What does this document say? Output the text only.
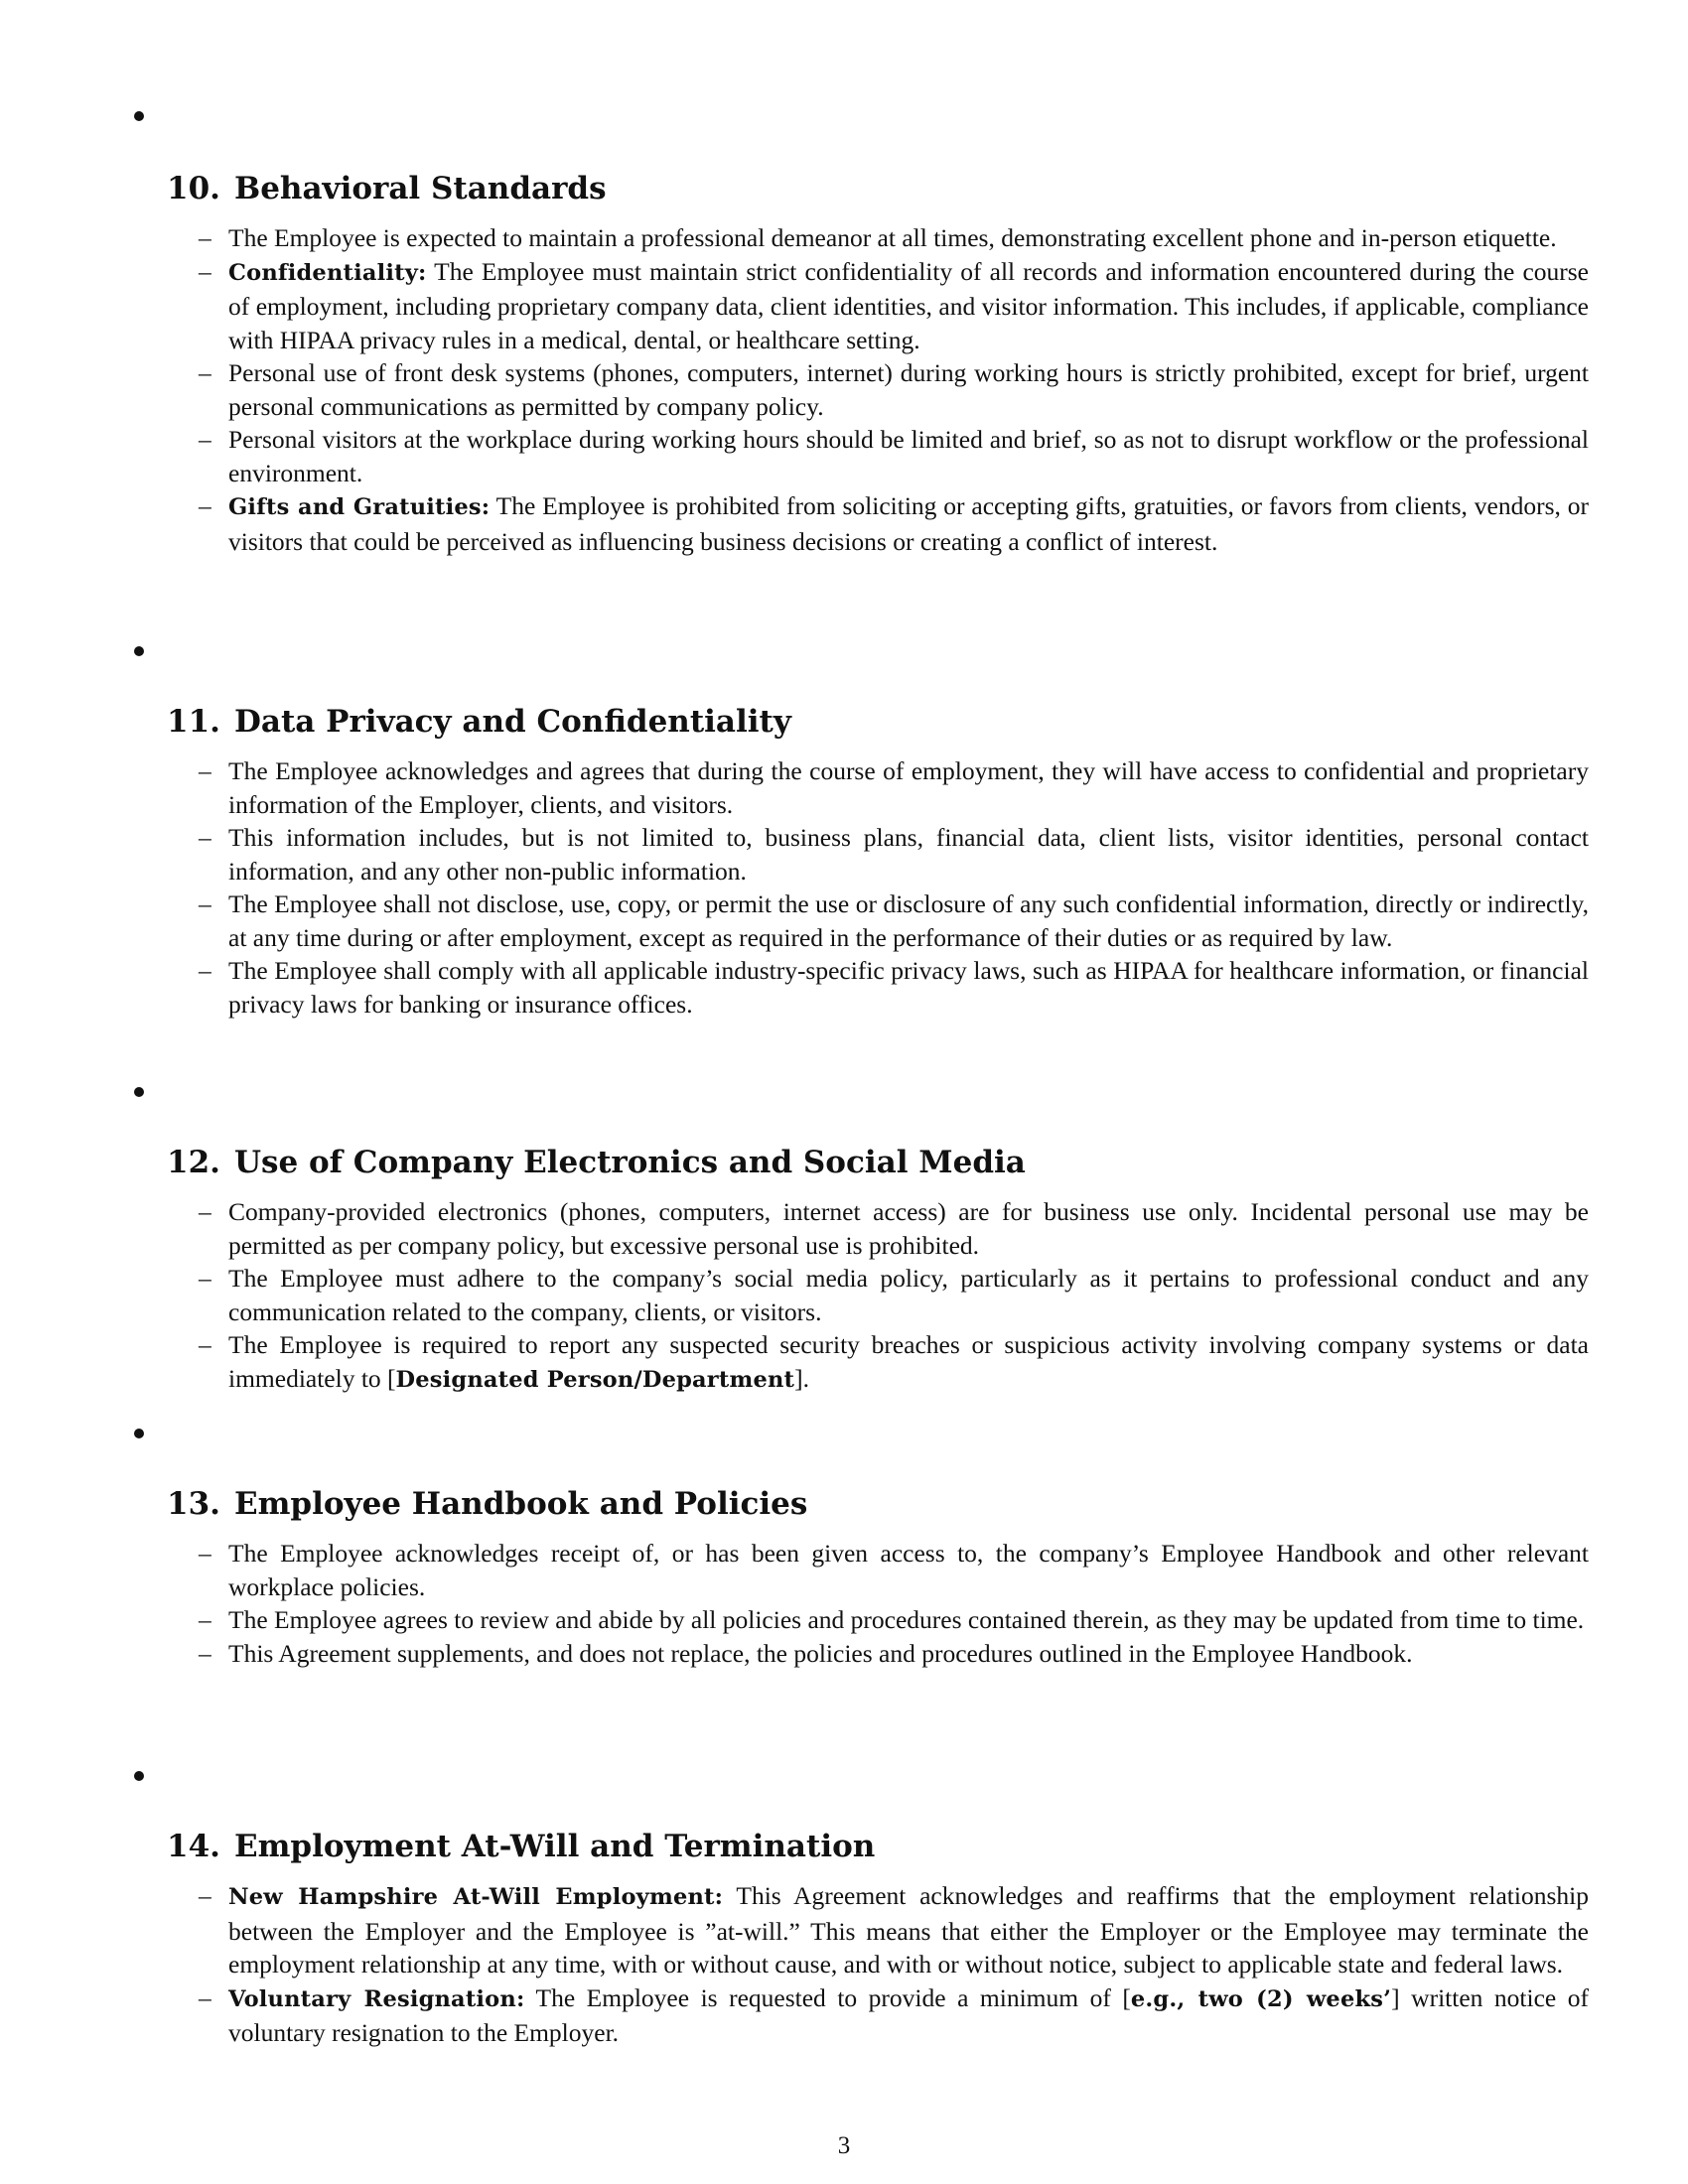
10. Behavioral Standards
– The Employee is expected to maintain a professional demeanor at all times, demonstrating excellent phone and in-person etiquette.
– Confidentiality: The Employee must maintain strict confidentiality of all records and information encountered during the course of employment, including proprietary company data, client identities, and visitor information. This includes, if applicable, compliance with HIPAA privacy rules in a medical, dental, or healthcare setting.
– Personal use of front desk systems (phones, computers, internet) during working hours is strictly prohibited, except for brief, urgent personal communications as permitted by company policy.
– Personal visitors at the workplace during working hours should be limited and brief, so as not to disrupt workflow or the professional environment.
– Gifts and Gratuities: The Employee is prohibited from soliciting or accepting gifts, gratuities, or favors from clients, vendors, or visitors that could be perceived as influencing business decisions or creating a conflict of interest.
11. Data Privacy and Confidentiality
– The Employee acknowledges and agrees that during the course of employment, they will have access to confidential and proprietary information of the Employer, clients, and visitors.
– This information includes, but is not limited to, business plans, financial data, client lists, visitor identities, personal contact information, and any other non-public information.
– The Employee shall not disclose, use, copy, or permit the use or disclosure of any such confidential information, directly or indirectly, at any time during or after employment, except as required in the performance of their duties or as required by law.
– The Employee shall comply with all applicable industry-specific privacy laws, such as HIPAA for healthcare information, or financial privacy laws for banking or insurance offices.
12. Use of Company Electronics and Social Media
– Company-provided electronics (phones, computers, internet access) are for business use only. Incidental personal use may be permitted as per company policy, but excessive personal use is prohibited.
– The Employee must adhere to the company’s social media policy, particularly as it pertains to professional conduct and any communication related to the company, clients, or visitors.
– The Employee is required to report any suspected security breaches or suspicious activity involving company systems or data immediately to [Designated Person/Department].
13. Employee Handbook and Policies
– The Employee acknowledges receipt of, or has been given access to, the company’s Employee Handbook and other relevant workplace policies.
– The Employee agrees to review and abide by all policies and procedures contained therein, as they may be updated from time to time.
– This Agreement supplements, and does not replace, the policies and procedures outlined in the Employee Handbook.
14. Employment At-Will and Termination
– New Hampshire At-Will Employment: This Agreement acknowledges and reaffirms that the employment relationship between the Employer and the Employee is ”at-will.” This means that either the Employer or the Employee may terminate the employment relationship at any time, with or without cause, and with or without notice, subject to applicable state and federal laws.
– Voluntary Resignation: The Employee is requested to provide a minimum of [e.g., two (2) weeks’] written notice of voluntary resignation to the Employer.
3
